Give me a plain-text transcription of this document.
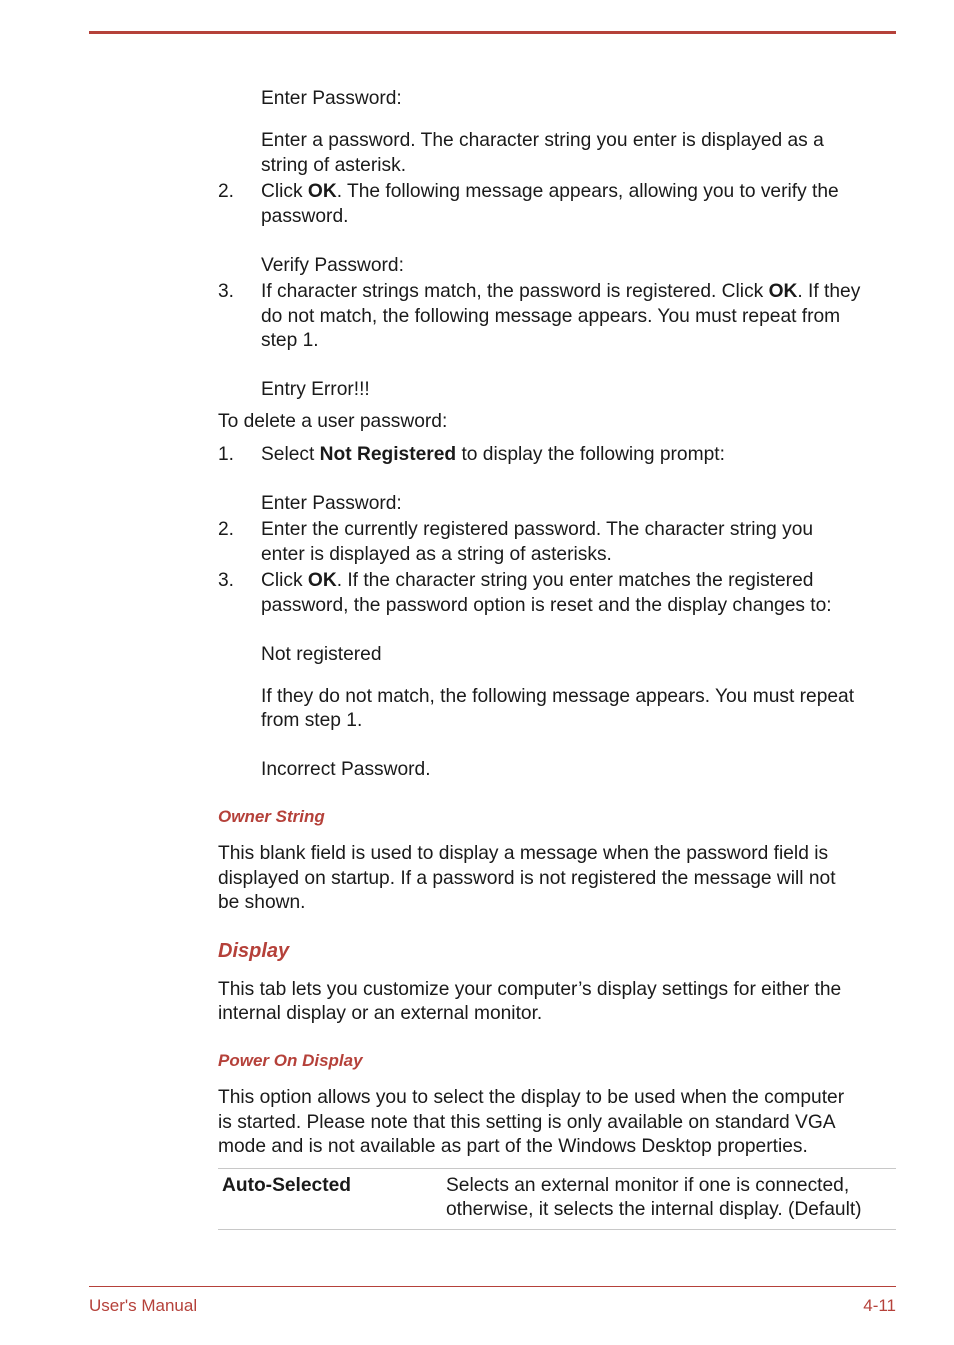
Enter Password:
Enter a password. The character string you enter is displayed as a
string of asterisk.
2. Click OK. The following message appears, allowing you to verify the
password.
Verify Password:
3. If character strings match, the password is registered. Click OK. If they
do not match, the following message appears. You must repeat from
step 1.
Entry Error!!!
To delete a user password:
1. Select Not Registered to display the following prompt:
Enter Password:
2. Enter the currently registered password. The character string you
enter is displayed as a string of asterisks.
3. Click OK. If the character string you enter matches the registered
password, the password option is reset and the display changes to:
Not registered
If they do not match, the following message appears. You must repeat
from step 1.
Incorrect Password.
Owner String
This blank field is used to display a message when the password field is
displayed on startup. If a password is not registered the message will not
be shown.
Display
This tab lets you customize your computer’s display settings for either the
internal display or an external monitor.
Power On Display
This option allows you to select the display to be used when the computer
is started. Please note that this setting is only available on standard VGA
mode and is not available as part of the Windows Desktop properties.
Auto-Selected	Selects an external monitor if one is connected,
otherwise, it selects the internal display. (Default)
User's Manual	4-11
